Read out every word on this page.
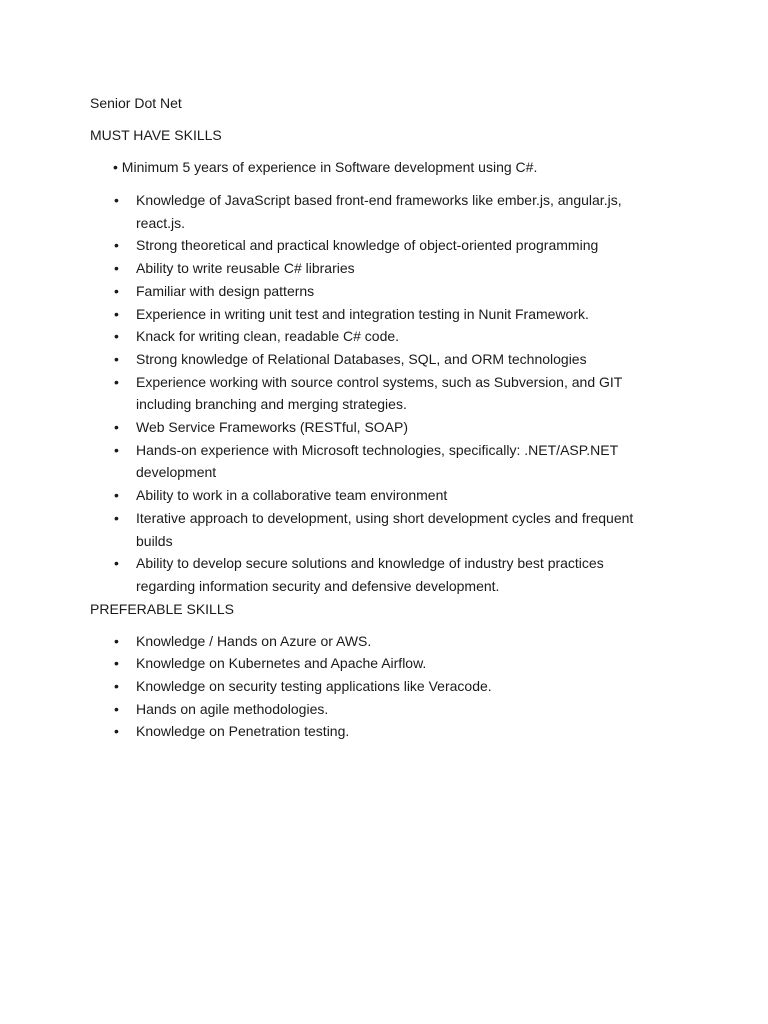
Senior Dot Net

MUST HAVE SKILLS

• Minimum 5 years of experience in Software development using C#.

•	Knowledge of JavaScript based front-end frameworks like ember.js, angular.js, react.js.
•	Strong theoretical and practical knowledge of object-oriented programming
•	Ability to write reusable C# libraries
•	Familiar with design patterns
•	Experience in writing unit test and integration testing in Nunit Framework.
•	Knack for writing clean, readable C# code.
•	Strong knowledge of Relational Databases, SQL, and ORM technologies
•	Experience working with source control systems, such as Subversion, and GIT including branching and merging strategies.
•	Web Service Frameworks (RESTful, SOAP)
•	Hands-on experience with Microsoft technologies, specifically: .NET/ASP.NET development
•	Ability to work in a collaborative team environment
•	Iterative approach to development, using short development cycles and frequent builds
•	Ability to develop secure solutions and knowledge of industry best practices regarding information security and defensive development.

PREFERABLE SKILLS

•	Knowledge / Hands on Azure or AWS.
•	Knowledge on Kubernetes and Apache Airflow.
•	Knowledge on security testing applications like Veracode.
•	Hands on agile methodologies.
•	Knowledge on Penetration testing.
